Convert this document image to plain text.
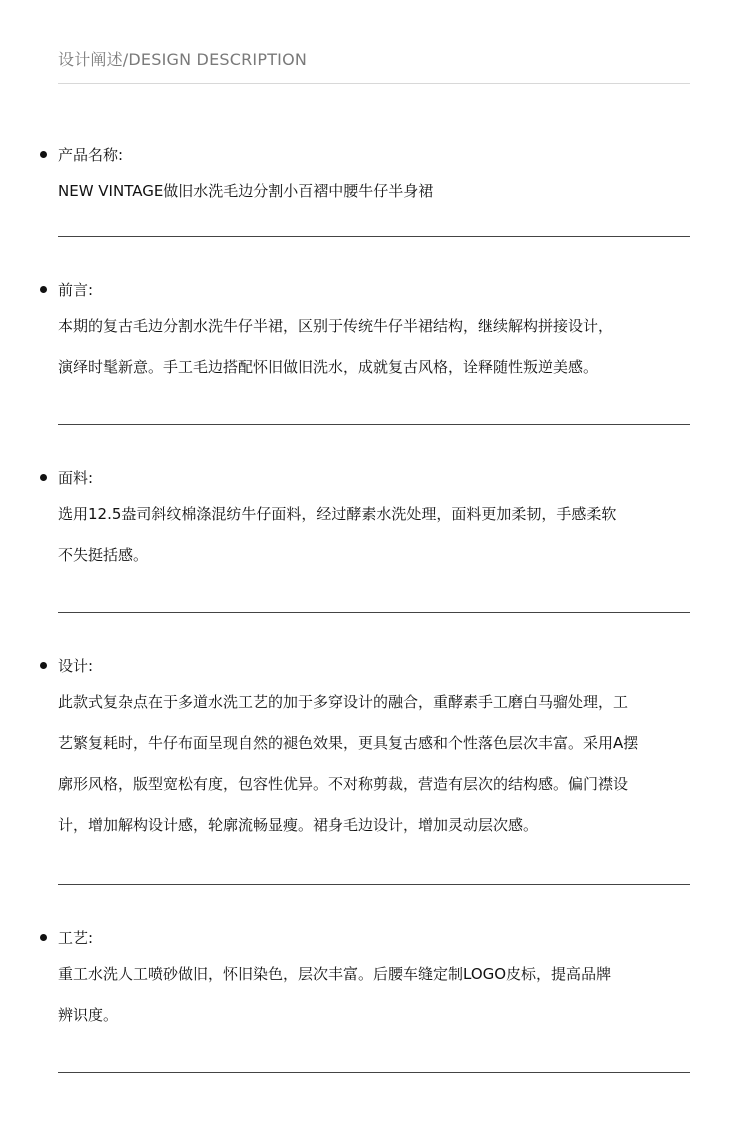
设计阐述/DESIGN DESCRIPTION
产品名称:

NEW VINTAGE做旧水洗毛边分割小百褶中腰牛仔半身裙

前言:

本期的复古毛边分割水洗牛仔半裙，区别于传统牛仔半裙结构，继续解构拼接设计，
演绎时髦新意。手工毛边搭配怀旧做旧洗水，成就复古风格，诠释随性叛逆美感。

面料:

选用12.5盎司斜纹棉涤混纺牛仔面料，经过酵素水洗处理，面料更加柔韧，手感柔软
不失挺括感。

设计:

此款式复杂点在于多道水洗工艺的加于多穿设计的融合，重酵素手工磨白马骝处理，工
艺繁复耗时，牛仔布面呈现自然的褪色效果，更具复古感和个性落色层次丰富。采用A摆
廓形风格，版型宽松有度，包容性优异。不对称剪裁，营造有层次的结构感。偏门襟设
计，增加解构设计感，轮廓流畅显瘦。裙身毛边设计，增加灵动层次感。

工艺:

重工水洗人工喷砂做旧，怀旧染色，层次丰富。后腰车缝定制LOGO皮标，提高品牌
辨识度。
